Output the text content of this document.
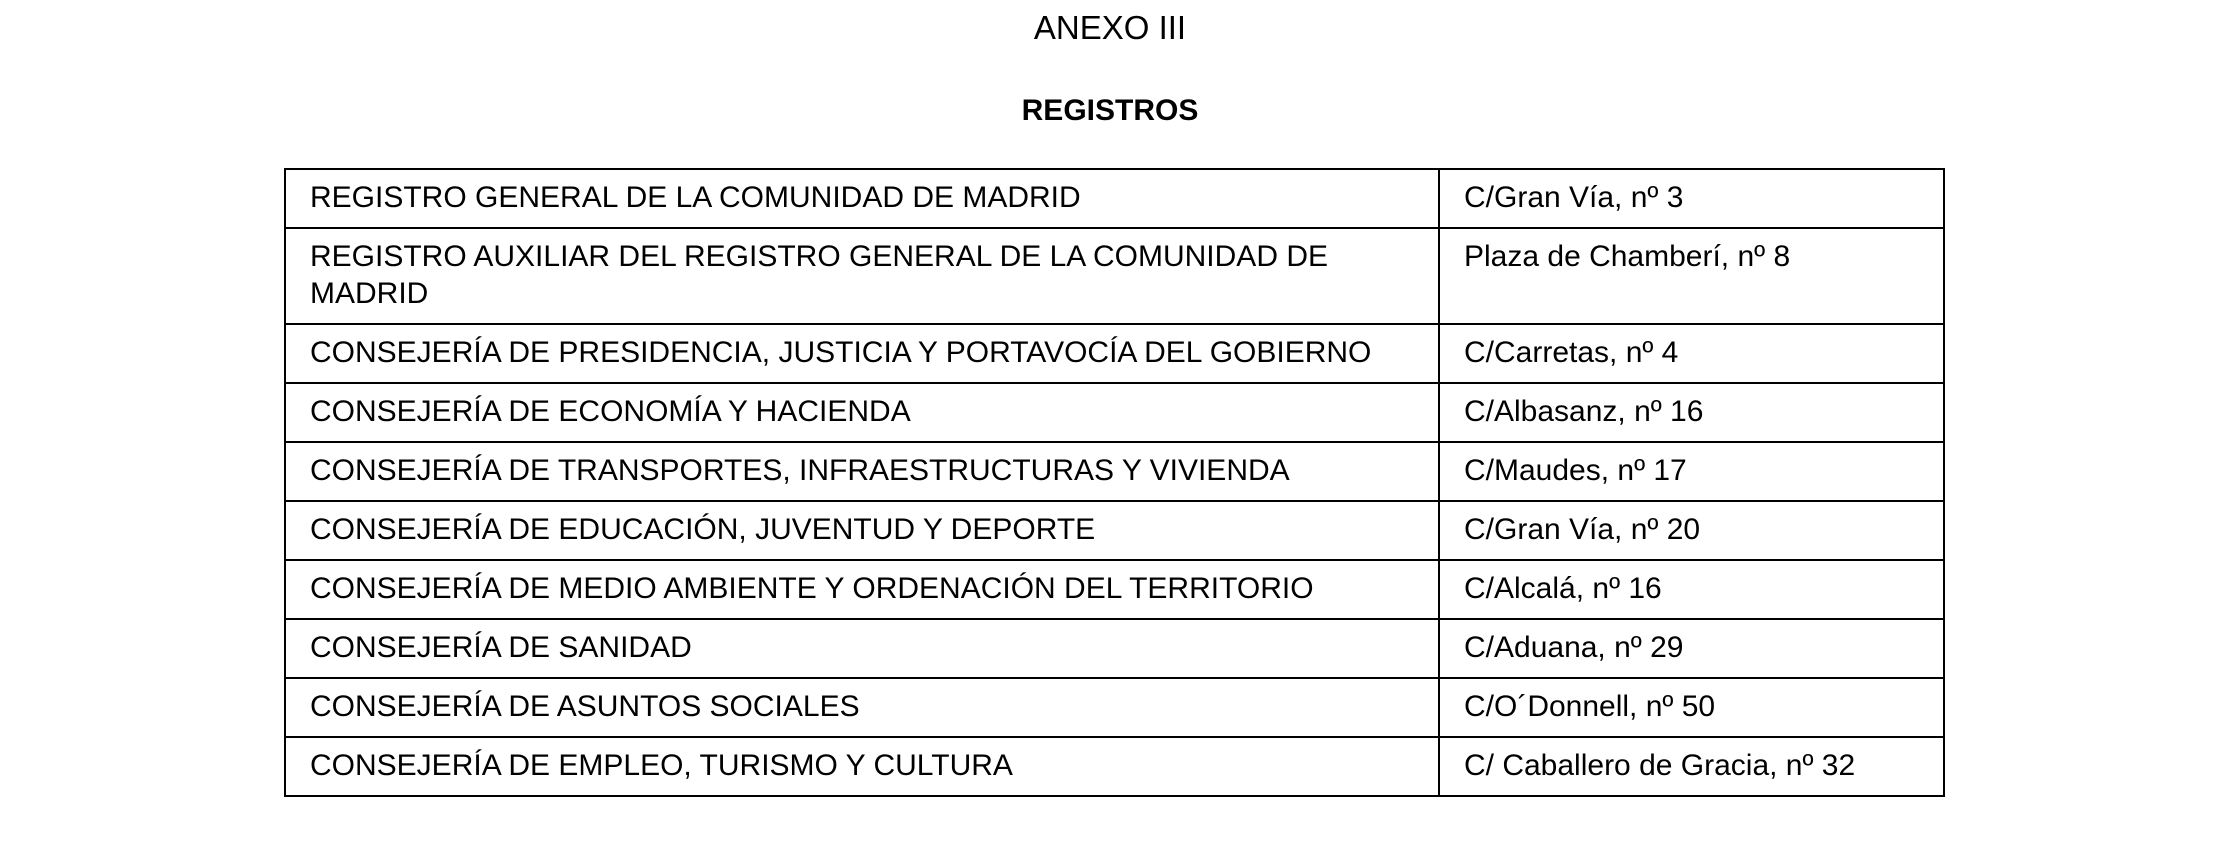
ANEXO III
REGISTROS
REGISTRO GENERAL DE LA COMUNIDAD DE MADRID	C/Gran Vía, nº 3
REGISTRO AUXILIAR DEL REGISTRO GENERAL DE LA COMUNIDAD DE MADRID	Plaza de Chamberí, nº 8
CONSEJERÍA DE PRESIDENCIA, JUSTICIA Y PORTAVOCÍA DEL GOBIERNO	C/Carretas, nº 4
CONSEJERÍA DE ECONOMÍA Y HACIENDA	C/Albasanz, nº 16
CONSEJERÍA DE TRANSPORTES, INFRAESTRUCTURAS Y VIVIENDA	C/Maudes, nº 17
CONSEJERÍA DE EDUCACIÓN, JUVENTUD Y DEPORTE	C/Gran Vía, nº 20
CONSEJERÍA DE MEDIO AMBIENTE Y ORDENACIÓN DEL TERRITORIO	C/Alcalá, nº 16
CONSEJERÍA DE SANIDAD	C/Aduana, nº 29
CONSEJERÍA DE ASUNTOS SOCIALES	C/O´Donnell, nº 50
CONSEJERÍA DE EMPLEO, TURISMO Y CULTURA	C/ Caballero de Gracia, nº 32
